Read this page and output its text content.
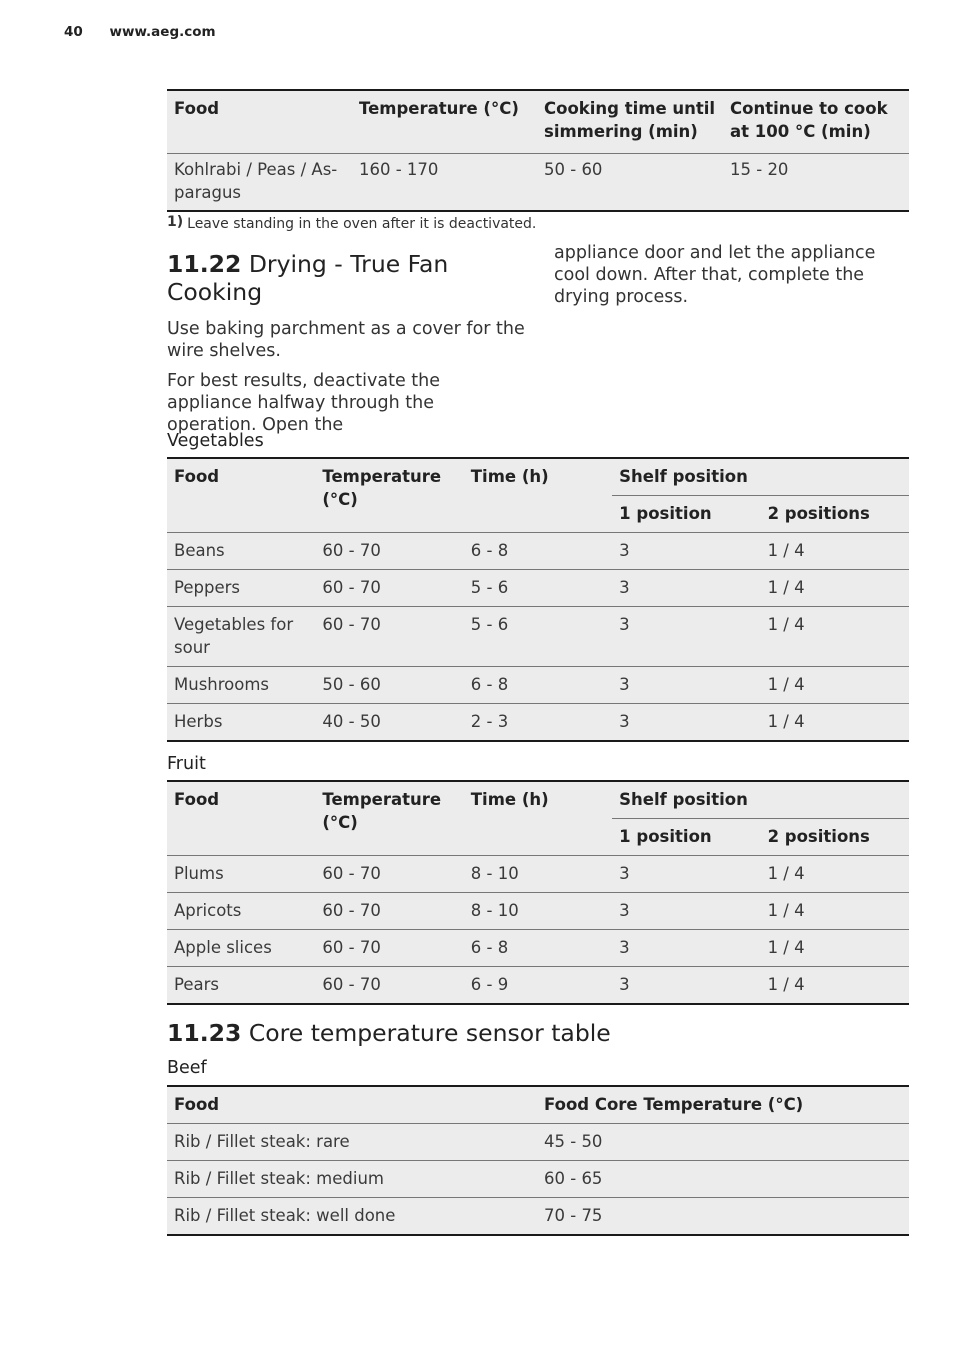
40 www.aeg.com
Food	Temperature (°C)	Cooking time until simmering (min)	Continue to cook at 100 °C (min)
Kohlrabi / Peas / As-paragus	160 - 170	50 - 60	15 - 20
$^{1)}$ Leave standing in the oven after it is deactivated.
11.22 Drying - True Fan Cooking

Use baking parchment as a cover for the wire shelves.

For best results, deactivate the appliance halfway through the operation. Open the

appliance door and let the appliance cool down. After that, complete the drying process.

Vegetables
Food	Temperature (°C)	Time (h)	Shelf position	
			1 position	2 positions
Beans	60 - 70	6 - 8	3	1 / 4
Peppers	60 - 70	5 - 6	3	1 / 4
Vegetables for sour	60 - 70	5 - 6	3	1 / 4
Mushrooms	50 - 60	6 - 8	3	1 / 4
Herbs	40 - 50	2 - 3	3	1 / 4
Fruit
Food	Temperature (°C)	Time (h)	Shelf position	
			1 position	2 positions
Plums	60 - 70	8 - 10	3	1 / 4
Apricots	60 - 70	8 - 10	3	1 / 4
Apple slices	60 - 70	6 - 8	3	1 / 4
Pears	60 - 70	6 - 9	3	1 / 4
11.23 Core temperature sensor table
Beef
Food	Food Core Temperature (°C)
Rib / Fillet steak: rare	45 - 50
Rib / Fillet steak: medium	60 - 65
Rib / Fillet steak: well done	70 - 75
